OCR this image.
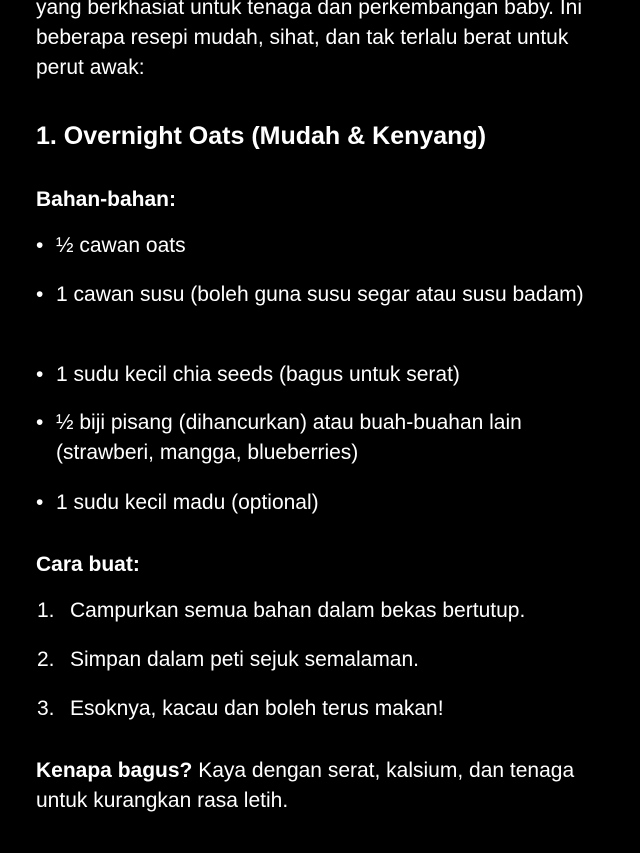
yang berkhasiat untuk tenaga dan perkembangan baby. Ini beberapa resepi mudah, sihat, dan tak terlalu berat untuk perut awak:

1. Overnight Oats (Mudah & Kenyang)
Bahan-bahan:
• ½ cawan oats
• 1 cawan susu (boleh guna susu segar atau susu badam)
• 1 sudu kecil chia seeds (bagus untuk serat)
• ½ biji pisang (dihancurkan) atau buah-buahan lain (strawberi, mangga, blueberries)
• 1 sudu kecil madu (optional)
Cara buat:
1. Campurkan semua bahan dalam bekas bertutup.
2. Simpan dalam peti sejuk semalaman.
3. Esoknya, kacau dan boleh terus makan!

Kenapa bagus? Kaya dengan serat, kalsium, dan tenaga untuk kurangkan rasa letih.
